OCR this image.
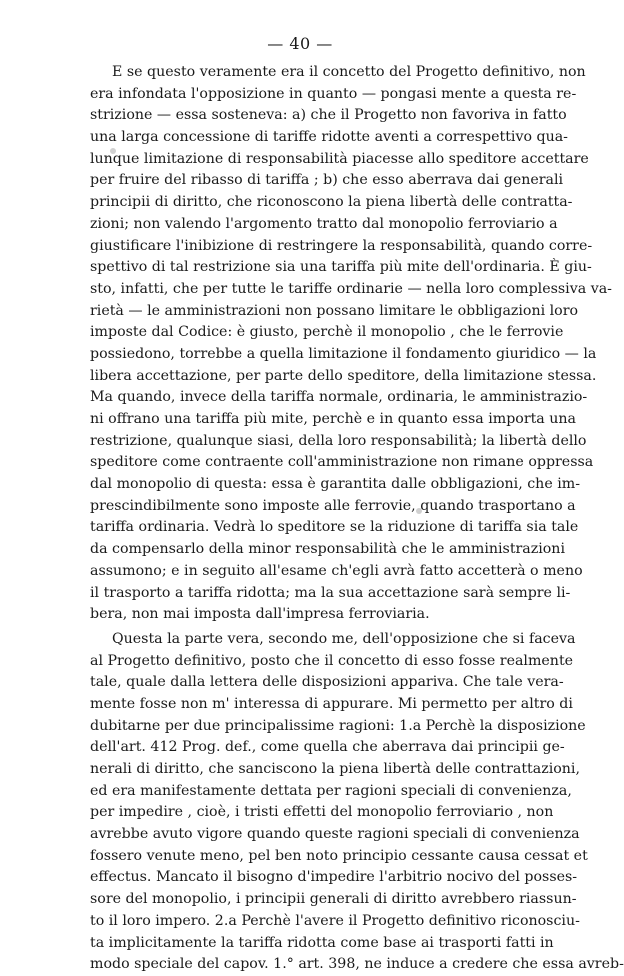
— 40 —
E se questo veramente era il concetto del Progetto definitivo, non
era infondata l'opposizione in quanto — pongasi mente a questa re-
strizione — essa sosteneva: a) che il Progetto non favoriva in fatto
una larga concessione di tariffe ridotte aventi a correspettivo qua-
lunque limitazione di responsabilità piacesse allo speditore accettare
per fruire del ribasso di tariffa ; b) che esso aberrava dai generali
principii di diritto, che riconoscono la piena libertà delle contratta-
zioni; non valendo l'argomento tratto dal monopolio ferroviario a
giustificare l'inibizione di restringere la responsabilità, quando corre-
spettivo di tal restrizione sia una tariffa più mite dell'ordinaria. È giu-
sto, infatti, che per tutte le tariffe ordinarie — nella loro complessiva va-
rietà — le amministrazioni non possano limitare le obbligazioni loro
imposte dal Codice: è giusto, perchè il monopolio , che le ferrovie
possiedono, torrebbe a quella limitazione il fondamento giuridico — la
libera accettazione, per parte dello speditore, della limitazione stessa.
Ma quando, invece della tariffa normale, ordinaria, le amministrazio-
ni offrano una tariffa più mite, perchè e in quanto essa importa una
restrizione, qualunque siasi, della loro responsabilità; la libertà dello
speditore come contraente coll'amministrazione non rimane oppressa
dal monopolio di questa: essa è garantita dalle obbligazioni, che im-
prescindibilmente sono imposte alle ferrovie, quando trasportano a
tariffa ordinaria. Vedrà lo speditore se la riduzione di tariffa sia tale
da compensarlo della minor responsabilità che le amministrazioni
assumono; e in seguito all'esame ch'egli avrà fatto accetterà o meno
il trasporto a tariffa ridotta; ma la sua accettazione sarà sempre li-
bera, non mai imposta dall'impresa ferroviaria.
Questa la parte vera, secondo me, dell'opposizione che si faceva
al Progetto definitivo, posto che il concetto di esso fosse realmente
tale, quale dalla lettera delle disposizioni appariva. Che tale vera-
mente fosse non m' interessa di appurare. Mi permetto per altro di
dubitarne per due principalissime ragioni: 1.a Perchè la disposizione
dell'art. 412 Prog. def., come quella che aberrava dai principii ge-
nerali di diritto, che sanciscono la piena libertà delle contrattazioni,
ed era manifestamente dettata per ragioni speciali di convenienza,
per impedire , cioè, i tristi effetti del monopolio ferroviario , non
avrebbe avuto vigore quando queste ragioni speciali di convenienza
fossero venute meno, pel ben noto principio cessante causa cessat et
effectus. Mancato il bisogno d'impedire l'arbitrio nocivo del posses-
sore del monopolio, i principii generali di diritto avrebbero riassun-
to il loro impero. 2.a Perchè l'avere il Progetto definitivo riconosciu-
ta implicitamente la tariffa ridotta come base ai trasporti fatti in
modo speciale del capov. 1.° art. 398, ne induce a credere che essa avreb-
